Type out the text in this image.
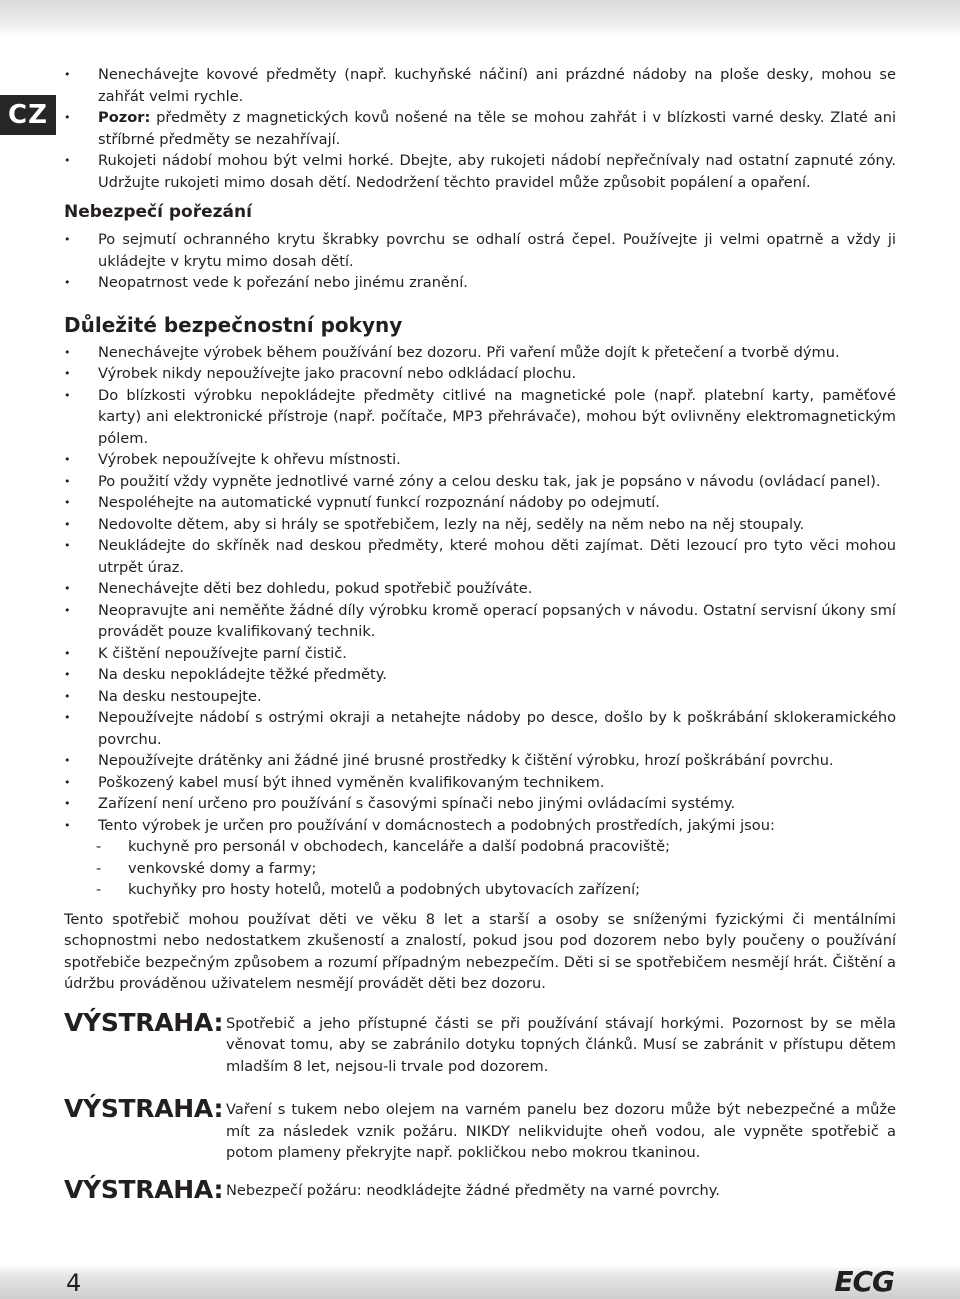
CZ
• Nenechávejte kovové předměty (např. kuchyňské náčiní) ani prázdné nádoby na ploše desky, mohou se zahřát velmi rychle.
• Pozor: předměty z magnetických kovů nošené na těle se mohou zahřát i v blízkosti varné desky. Zlaté ani stříbrné předměty se nezahřívají.
• Rukojeti nádobí mohou být velmi horké. Dbejte, aby rukojeti nádobí nepřečnívaly nad ostatní zapnuté zóny. Udržujte rukojeti mimo dosah dětí. Nedodržení těchto pravidel může způsobit popálení a opaření.
Nebezpečí pořezání
• Po sejmutí ochranného krytu škrabky povrchu se odhalí ostrá čepel. Používejte ji velmi opatrně a vždy ji ukládejte v krytu mimo dosah dětí.
• Neopatrnost vede k pořezání nebo jinému zranění.
Důležité bezpečnostní pokyny
• Nenechávejte výrobek během používání bez dozoru. Při vaření může dojít k přetečení a tvorbě dýmu.
• Výrobek nikdy nepoužívejte jako pracovní nebo odkládací plochu.
• Do blízkosti výrobku nepokládejte předměty citlivé na magnetické pole (např. platební karty, paměťové karty) ani elektronické přístroje (např. počítače, MP3 přehrávače), mohou být ovlivněny elektromagnetickým pólem.
• Výrobek nepoužívejte k ohřevu místnosti.
• Po použití vždy vypněte jednotlivé varné zóny a celou desku tak, jak je popsáno v návodu (ovládací panel).
• Nespoléhejte na automatické vypnutí funkcí rozpoznání nádoby po odejmutí.
• Nedovolte dětem, aby si hrály se spotřebičem, lezly na něj, seděly na něm nebo na něj stoupaly.
• Neukládejte do skříněk nad deskou předměty, které mohou děti zajímat. Děti lezoucí pro tyto věci mohou utrpět úraz.
• Nenechávejte děti bez dohledu, pokud spotřebič používáte.
• Neopravujte ani neměňte žádné díly výrobku kromě operací popsaných v návodu. Ostatní servisní úkony smí provádět pouze kvalifikovaný technik.
• K čištění nepoužívejte parní čistič.
• Na desku nepokládejte těžké předměty.
• Na desku nestoupejte.
• Nepoužívejte nádobí s ostrými okraji a netahejte nádoby po desce, došlo by k poškrábání sklokeramického povrchu.
• Nepoužívejte drátěnky ani žádné jiné brusné prostředky k čištění výrobku, hrozí poškrábání povrchu.
• Poškozený kabel musí být ihned vyměněn kvalifikovaným technikem.
• Zařízení není určeno pro používání s časovými spínači nebo jinými ovládacími systémy.
• Tento výrobek je určen pro používání v domácnostech a podobných prostředích, jakými jsou:
- kuchyně pro personál v obchodech, kanceláře a další podobná pracoviště;
- venkovské domy a farmy;
- kuchyňky pro hosty hotelů, motelů a podobných ubytovacích zařízení;

Tento spotřebič mohou používat děti ve věku 8 let a starší a osoby se sníženými fyzickými či mentálními schopnostmi nebo nedostatkem zkušeností a znalostí, pokud jsou pod dozorem nebo byly poučeny o používání spotřebiče bezpečným způsobem a rozumí případným nebezpečím. Děti si se spotřebičem nesmějí hrát. Čištění a údržbu prováděnou uživatelem nesmějí provádět děti bez dozoru.

VÝSTRAHA: Spotřebič a jeho přístupné části se při používání stávají horkými. Pozornost by se měla věnovat tomu, aby se zabránilo dotyku topných článků. Musí se zabránit v přístupu dětem mladším 8 let, nejsou-li trvale pod dozorem.
VÝSTRAHA: Vaření s tukem nebo olejem na varném panelu bez dozoru může být nebezpečné a může mít za následek vznik požáru. NIKDY nelikvidujte oheň vodou, ale vypněte spotřebič a potom plameny překryjte např. pokličkou nebo mokrou tkaninou.
VÝSTRAHA: Nebezpečí požáru: neodkládejte žádné předměty na varné povrchy.
4	ECG
